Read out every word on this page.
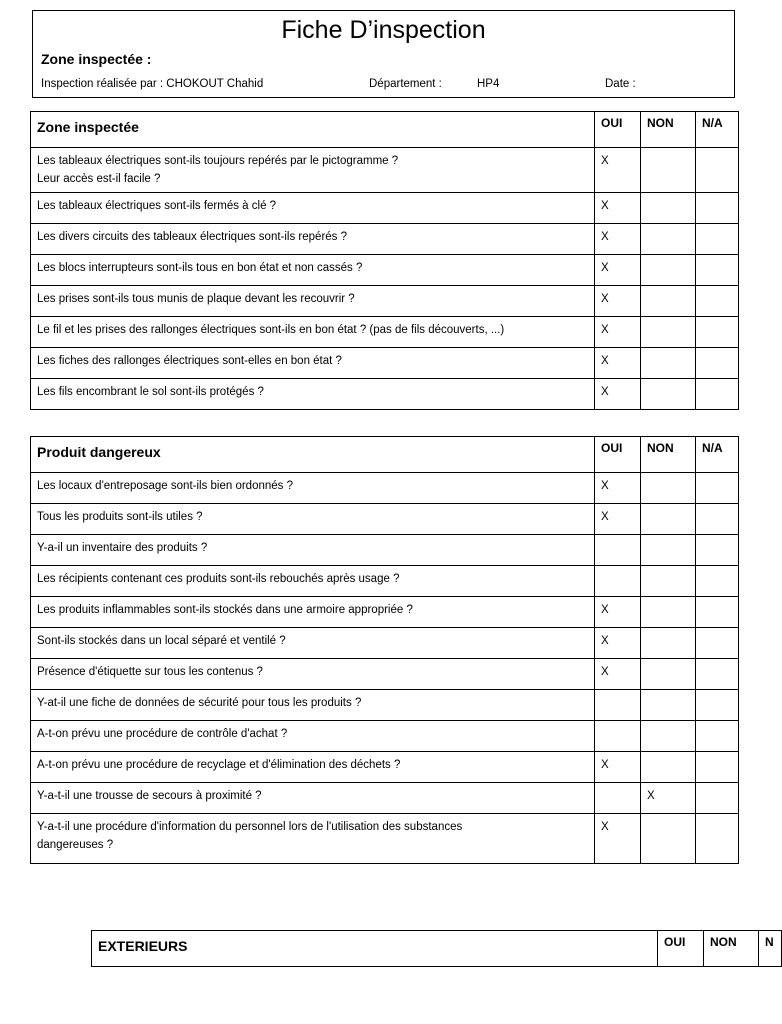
Fiche D’inspection
Zone inspectée :
Inspection réalisée par : CHOKOUT Chahid	Département :	HP4	Date :
Zone inspectée	OUI	NON	N/A

Les tableaux électriques sont-ils toujours repérés par le pictogramme ?
Leur accès est-il facile ?	X		
Les tableaux électriques sont-ils fermés à clé ?	X		
Les divers circuits des tableaux électriques sont-ils repérés ?	X		
Les blocs interrupteurs sont-ils tous en bon état et non cassés ?	X		
Les prises sont-ils tous munis de plaque devant les recouvrir ?	X		
Le fil et les prises des rallonges électriques sont-ils en bon état ? (pas de fils découverts, ...)	X		
Les fiches des rallonges électriques sont-elles en bon état ?	X		
Les fils encombrant le sol sont-ils protégés ?	X		
Produit dangereux	OUI	NON	N/A
Les locaux d'entreposage sont-ils bien ordonnés ?	X		
Tous les produits sont-ils utiles ?	X		
Y-a-il un inventaire des produits ?			
Les récipients contenant ces produits sont-ils rebouchés après usage ?			
Les produits inflammables sont-ils stockés dans une armoire appropriée ?	X		
Sont-ils stockés dans un local séparé et ventilé ?	X		
Présence d'étiquette sur tous les contenus ?	X		
Y-at-il une fiche de données de sécurité pour tous les produits ?			
A-t-on prévu une procédure de contrôle d'achat ?			
A-t-on prévu une procédure de recyclage et d'élimination des déchets ?	X		
Y-a-t-il une trousse de secours à proximité ?		X	

Y-a-t-il une procédure d'information du personnel lors de l'utilisation des substances
dangereuses ?	X		
EXTERIEURS	OUI	NON	N
